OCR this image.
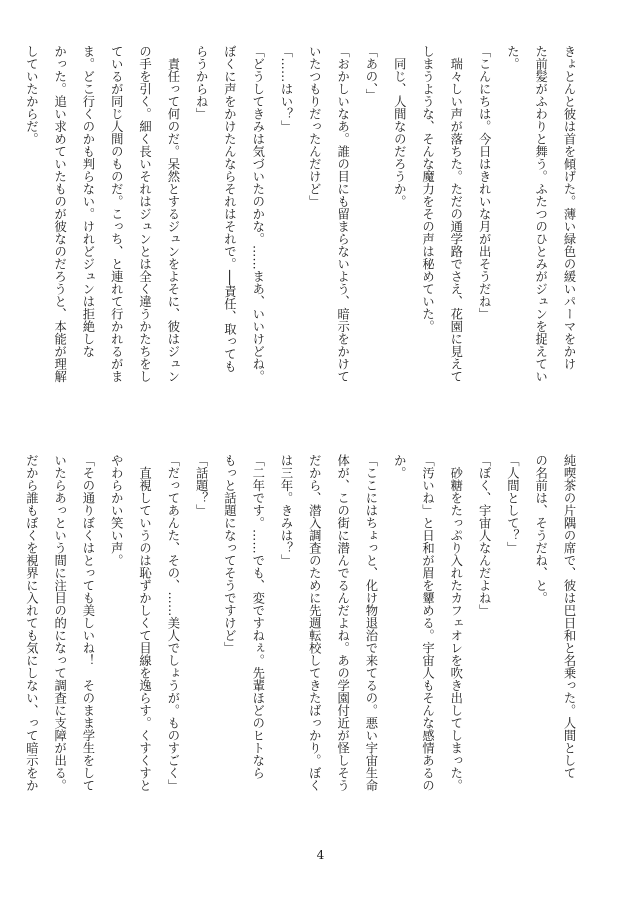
きょとんと彼は首を傾げた。薄い緑色の緩いパーマをかけ
た前髪がふわりと舞う。ふたつのひとみがジュンを捉えてい
た。
「こんにちは。今日はきれいな月が出そうだね」
　瑞々しい声が落ちた。ただの通学路でさえ、花園に見えて
しまうような、そんな魔力をその声は秘めていた。
　同じ、人間なのだろうか。
「あの、」
「おかしいなあ。誰の目にも留まらないよう、暗示をかけて
いたつもりだったんだけど」
「……はい？」
「どうしてきみは気づいたのかな。……まあ、いいけどね。
ぼくに声をかけたんならそれはそれで。──責任、取っても
らうからね」
　責任って何のだ。呆然とするジュンをよそに、彼はジュン
の手を引く。細く長いそれはジュンとは全く違うかたちをし
ているが同じ人間のものだ。こっち、と連れて行かれるがま
ま。どこ行くのかも判らない。けれどジュンは拒絶しな
かった。追い求めていたものが彼なのだろうと、本能が理解
していたからだ。
純喫茶の片隅の席で、彼は巴日和と名乗った。人間として
の名前は、そうだね、と。
「人間として？」
「ぼく、宇宙人なんだよね」
　砂糖をたっぷり入れたカフェオレを吹き出してしまった。
「汚いね」と日和が眉を顰める。宇宙人もそんな感情あるの
か。
「ここにはちょっと、化け物退治で来てるの。悪い宇宙生命
体が、この街に潜んでるんだよね。あの学園付近が怪しそう
だから、潜入調査のために先週転校してきたばっかり。ぼく
は三年。きみは？」
「二年です。……でも、変ですねぇ。先輩ほどのヒトなら
もっと話題になってそうですけど」
「話題？」
「だってあんた、その、……美人でしょうが。ものすごく」
　直視していうのは恥ずかしくて目線を逸らす。くすくすと
やわらかい笑い声。
「その通りぼくはとっても美しいね！　そのまま学生をして
いたらあっという間に注目の的になって調査に支障が出る。
だから誰もぼくを視界に入れても気にしない、って暗示をか
4
